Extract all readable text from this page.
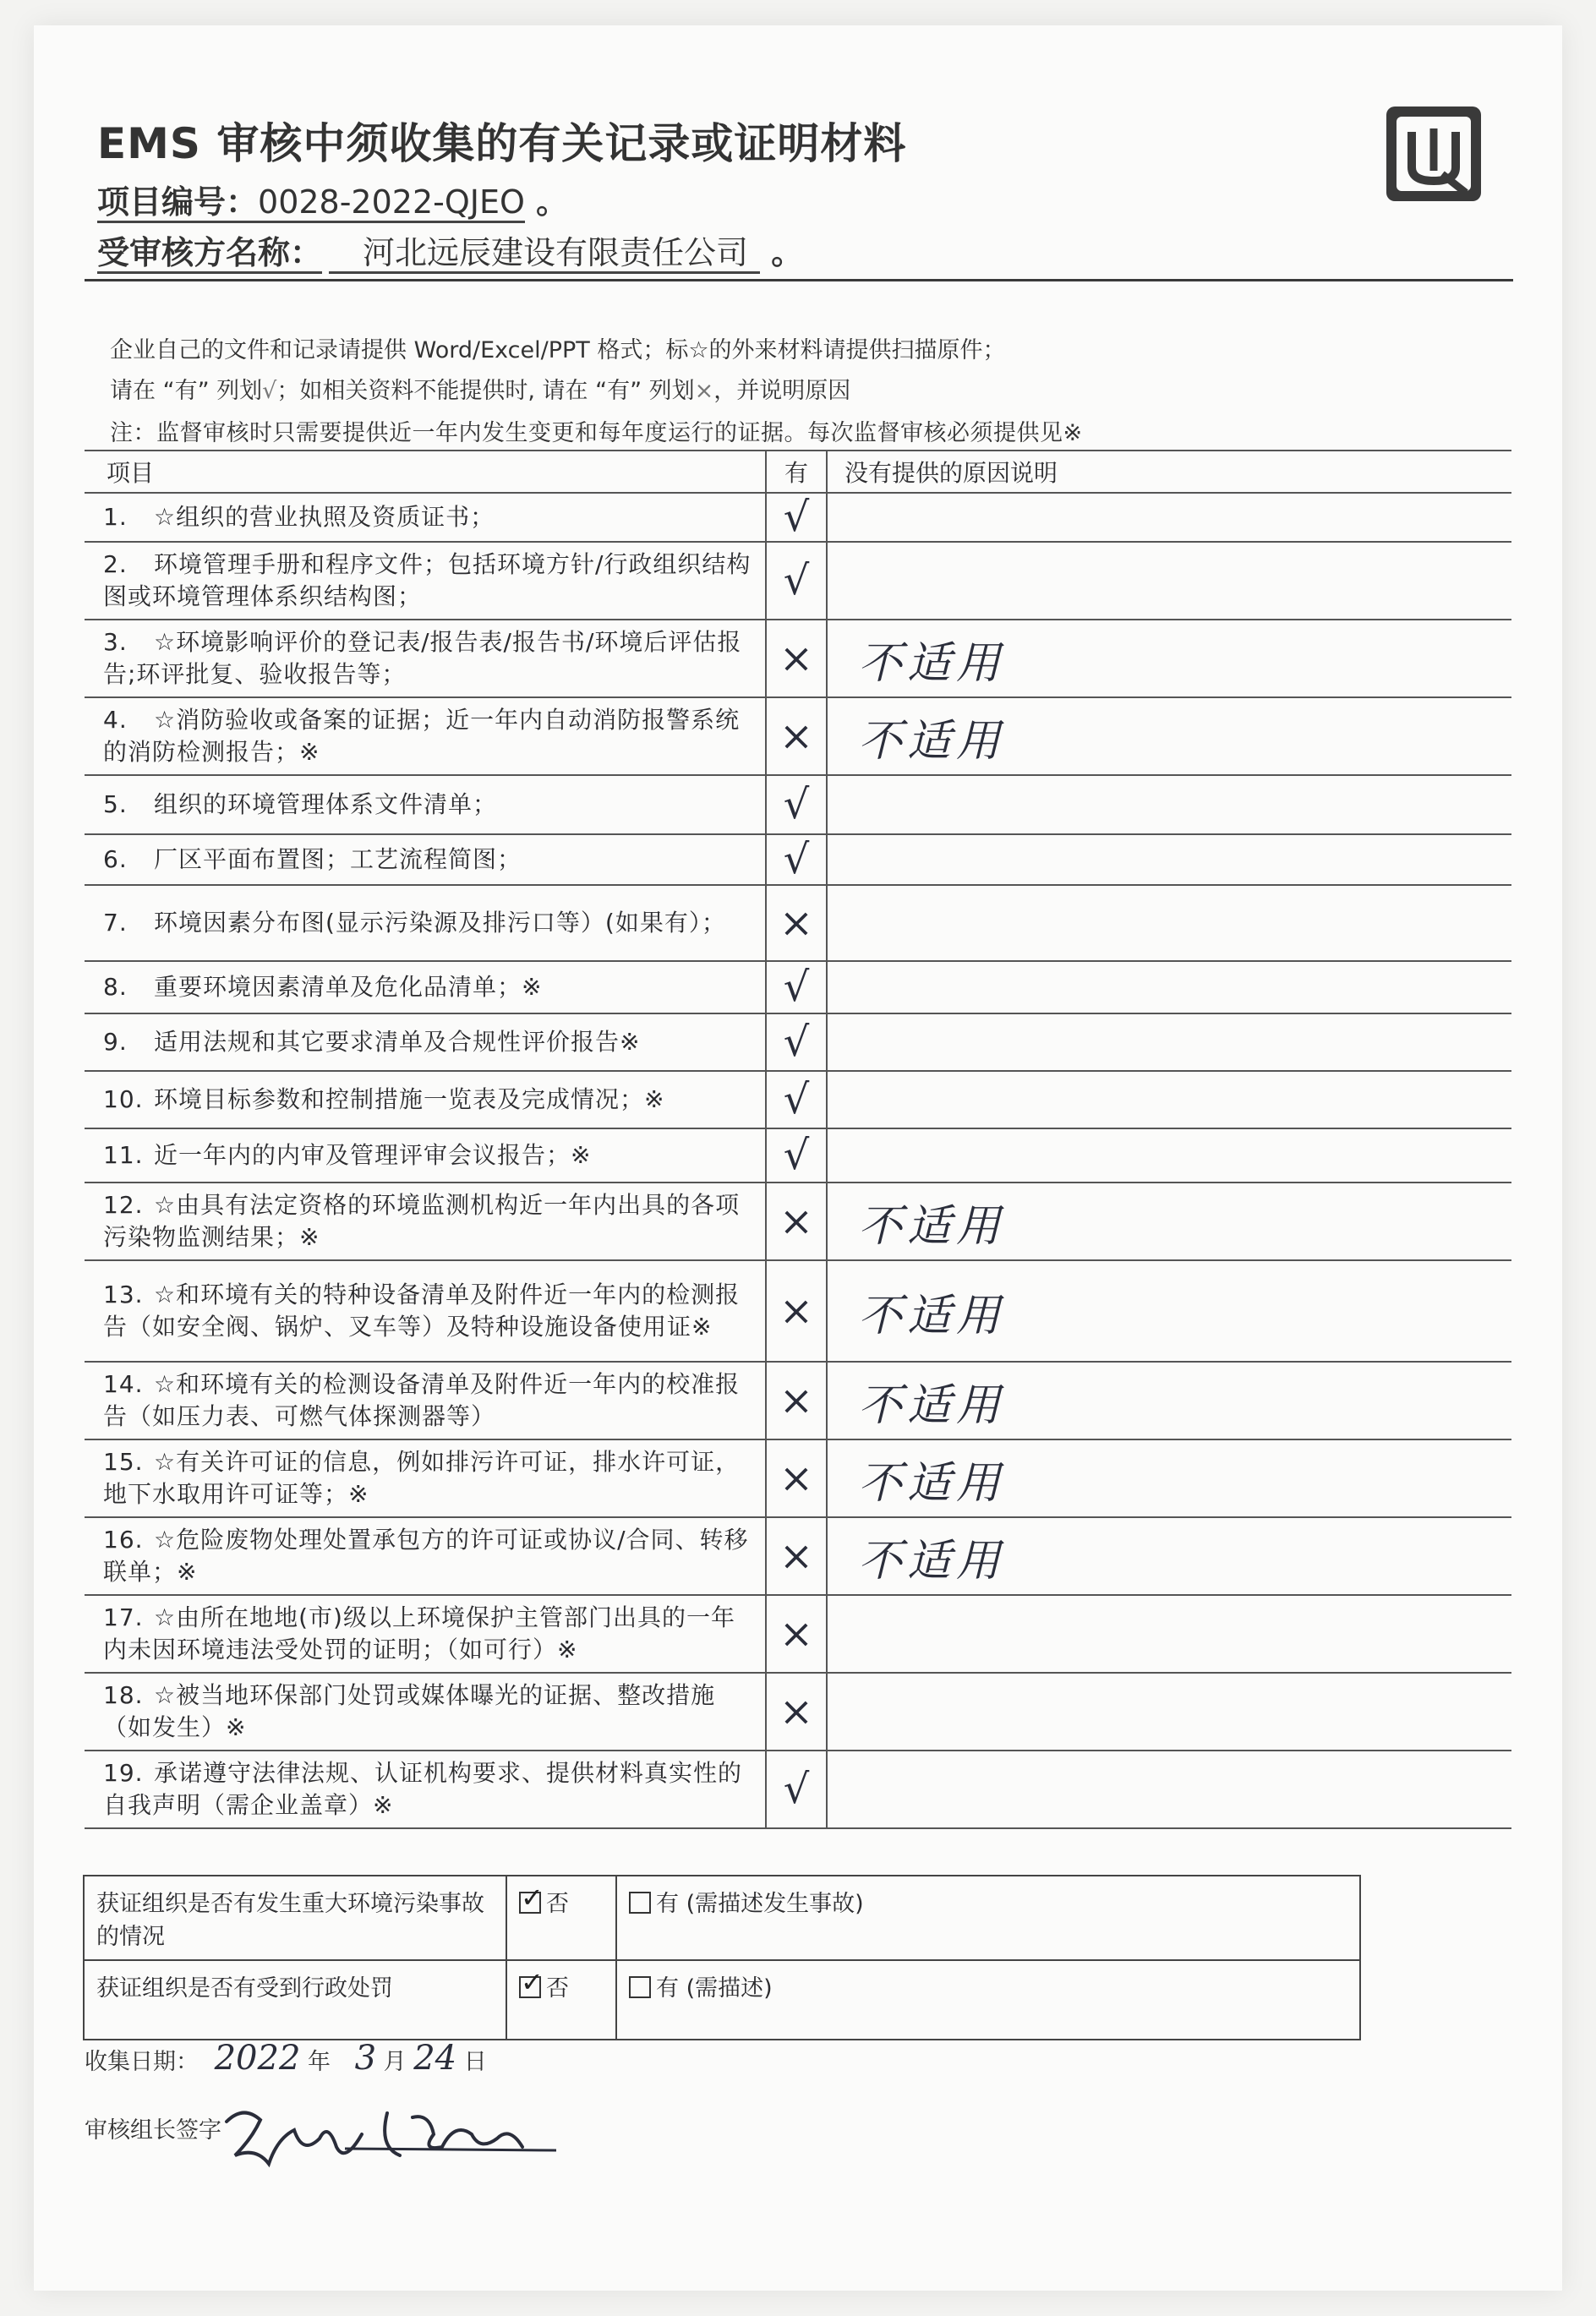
EMS 审核中须收集的有关记录或证明材料
项目编号：0028-2022-QJEO 。
受审核方名称： 河北远辰建设有限责任公司 。
企业自己的文件和记录请提供 Word/Excel/PPT 格式；标☆的外来材料请提供扫描原件；
请在 “有” 列划√；如相关资料不能提供时, 请在 “有” 列划×，并说明原因
注：监督审核时只需要提供近一年内发生变更和每年度运行的证据。每次监督审核必须提供见※
项目	有	没有提供的原因说明
1. ☆组织的营业执照及资质证书；	√	
2. 环境管理手册和程序文件；包括环境方针/行政组织结构图或环境管理体系织结构图；	√	
3. ☆环境影响评价的登记表/报告表/报告书/环境后评估报告;环评批复、验收报告等；	×	不适用
4. ☆消防验收或备案的证据；近一年内自动消防报警系统的消防检测报告；※	×	不适用
5. 组织的环境管理体系文件清单；	√	
6. 厂区平面布置图；工艺流程简图；	√	
7. 环境因素分布图(显示污染源及排污口等）(如果有）；	×	
8. 重要环境因素清单及危化品清单；※	√	
9. 适用法规和其它要求清单及合规性评价报告※	√	
10. 环境目标参数和控制措施一览表及完成情况；※	√	
11. 近一年内的内审及管理评审会议报告；※	√	
12. ☆由具有法定资格的环境监测机构近一年内出具的各项污染物监测结果；※	×	不适用
13. ☆和环境有关的特种设备清单及附件近一年内的检测报告（如安全阀、锅炉、叉车等）及特种设施设备使用证※	×	不适用
14. ☆和环境有关的检测设备清单及附件近一年内的校准报告（如压力表、可燃气体探测器等）	×	不适用
15. ☆有关许可证的信息，例如排污许可证，排水许可证，地下水取用许可证等；※	×	不适用
16. ☆危险废物处理处置承包方的许可证或协议/合同、转移联单；※	×	不适用
17. ☆由所在地地(市)级以上环境保护主管部门出具的一年内未因环境违法受处罚的证明；（如可行）※	×	
18. ☆被当地环保部门处罚或媒体曝光的证据、整改措施（如发生）※	×	
19. 承诺遵守法律法规、认证机构要求、提供材料真实性的自我声明（需企业盖章）※	√	
获证组织是否有发生重大环境污染事故的情况	✓否	有 (需描述发生事故)
获证组织是否有受到行政处罚	✓否	有 (需描述)
收集日期： 2022 年 3 月 24 日
审核组长签字
